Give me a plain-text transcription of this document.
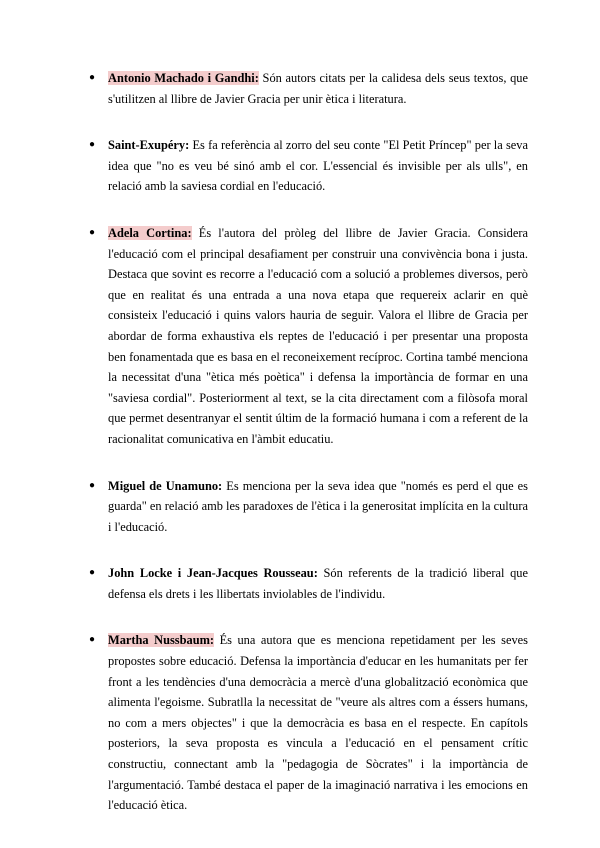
● Antonio Machado i Gandhi: Són autors citats per la calidesa dels seus textos, que s'utilitzen al llibre de Javier Gracia per unir ètica i literatura.
● Saint-Exupéry: Es fa referència al zorro del seu conte "El Petit Príncep" per la seva idea que "no es veu bé sinó amb el cor. L'essencial és invisible per als ulls", en relació amb la saviesa cordial en l'educació.
● Adela Cortina: És l'autora del pròleg del llibre de Javier Gracia. Considera l'educació com el principal desafiament per construir una convivència bona i justa. Destaca que sovint es recorre a l'educació com a solució a problemes diversos, però que en realitat és una entrada a una nova etapa que requereix aclarir en què consisteix l'educació i quins valors hauria de seguir. Valora el llibre de Gracia per abordar de forma exhaustiva els reptes de l'educació i per presentar una proposta ben fonamentada que es basa en el reconeixement recíproc. Cortina també menciona la necessitat d'una "ètica més poètica" i defensa la importància de formar en una "saviesa cordial". Posteriorment al text, se la cita directament com a filòsofa moral que permet desentranyar el sentit últim de la formació humana i com a referent de la racionalitat comunicativa en l'àmbit educatiu.
● Miguel de Unamuno: Es menciona per la seva idea que "només es perd el que es guarda" en relació amb les paradoxes de l'ètica i la generositat implícita en la cultura i l'educació.
● John Locke i Jean-Jacques Rousseau: Són referents de la tradició liberal que defensa els drets i les llibertats inviolables de l'individu.
● Martha Nussbaum: És una autora que es menciona repetidament per les seves propostes sobre educació. Defensa la importància d'educar en les humanitats per fer front a les tendències d'una democràcia a mercè d'una globalització econòmica que alimenta l'egoisme. Subratlla la necessitat de "veure als altres com a éssers humans, no com a mers objectes" i que la democràcia es basa en el respecte. En capítols posteriors, la seva proposta es vincula a l'educació en el pensament crític constructiu, connectant amb la "pedagogia de Sòcrates" i la importància de l'argumentació. També destaca el paper de la imaginació narrativa i les emocions en l'educació ètica.
